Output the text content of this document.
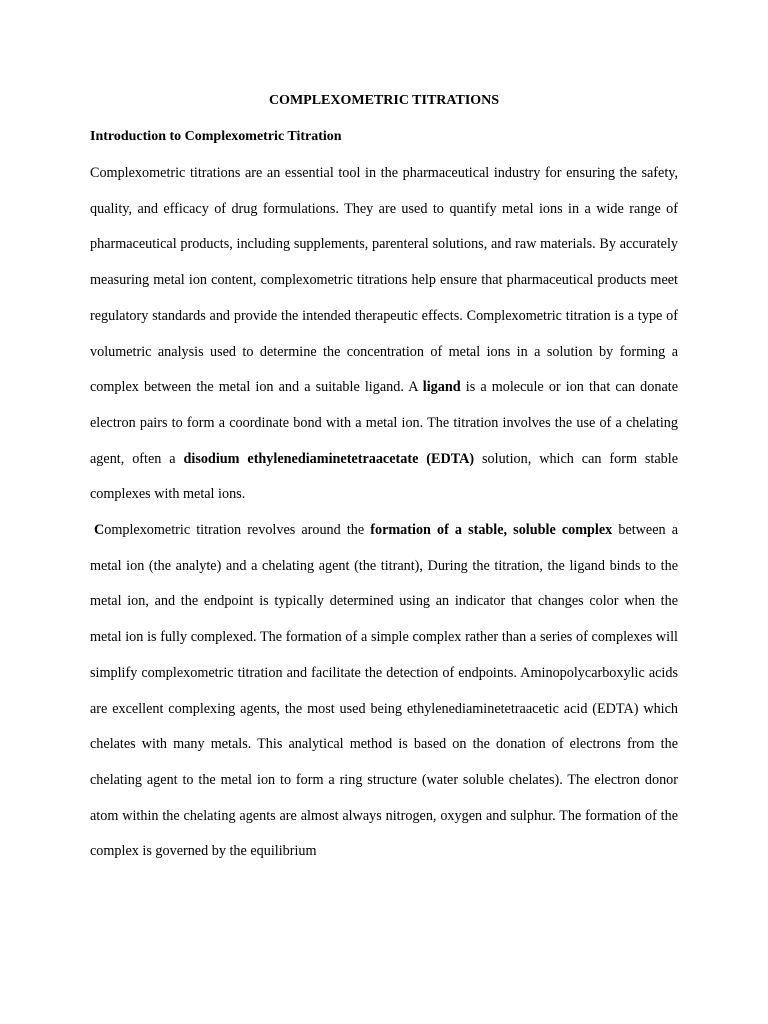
COMPLEXOMETRIC TITRATIONS
Introduction to Complexometric Titration

Complexometric titrations are an essential tool in the pharmaceutical industry for ensuring the safety, quality, and efficacy of drug formulations. They are used to quantify metal ions in a wide range of pharmaceutical products, including supplements, parenteral solutions, and raw materials. By accurately measuring metal ion content, complexometric titrations help ensure that pharmaceutical products meet regulatory standards and provide the intended therapeutic effects. Complexometric titration is a type of volumetric analysis used to determine the concentration of metal ions in a solution by forming a complex between the metal ion and a suitable ligand. A ligand is a molecule or ion that can donate electron pairs to form a coordinate bond with a metal ion. The titration involves the use of a chelating agent, often a disodium ethylenediaminetetraacetate (EDTA) solution, which can form stable complexes with metal ions.

Complexometric titration revolves around the formation of a stable, soluble complex between a metal ion (the analyte) and a chelating agent (the titrant), During the titration, the ligand binds to the metal ion, and the endpoint is typically determined using an indicator that changes color when the metal ion is fully complexed. The formation of a simple complex rather than a series of complexes will simplify complexometric titration and facilitate the detection of endpoints. Aminopolycarboxylic acids are excellent complexing agents, the most used being ethylenediaminetetraacetic acid (EDTA) which chelates with many metals. This analytical method is based on the donation of electrons from the chelating agent to the metal ion to form a ring structure (water soluble chelates). The electron donor atom within the chelating agents are almost always nitrogen, oxygen and sulphur. The formation of the complex is governed by the equilibrium
